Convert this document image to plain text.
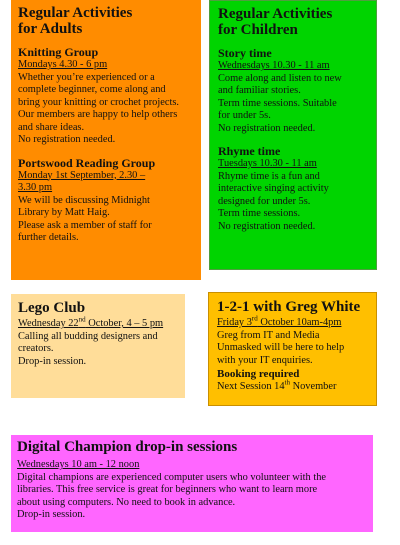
Regular Activities
for Adults
Knitting Group

Mondays 4.30 - 6 pm

Whether you’re experienced or a

complete beginner, come along and

bring your knitting or crochet projects.

Our members are happy to help others

and share ideas.

No registration needed.

Portswood Reading Group

Monday 1st September, 2.30 –

3.30 pm

We will be discussing Midnight

Library by Matt Haig.

Please ask a member of staff for

further details.

Regular Activities
for Children
Story time

Wednesdays 10.30 - 11 am

Come along and listen to new

and familiar stories.

Term time sessions. Suitable

for under 5s.

No registration needed.

Rhyme time

Tuesdays 10.30 - 11 am

Rhyme time is a fun and

interactive singing activity

designed for under 5s.

Term time sessions.

No registration needed.

Lego Club

Wednesday 22nd October, 4 – 5 pm

Calling all budding designers and

creators.

Drop-in session.

1-2-1 with Greg White

Friday 3rd October 10am-4pm

Greg from IT and Media

Unmasked will be here to help

with your IT enquiries.

Booking required

Next Session 14th November

Digital Champion drop-in sessions

Wednesdays 10 am - 12 noon

Digital champions are experienced computer users who volunteer with the

libraries. This free service is great for beginners who want to learn more

about using computers. No need to book in advance.

Drop-in session.
